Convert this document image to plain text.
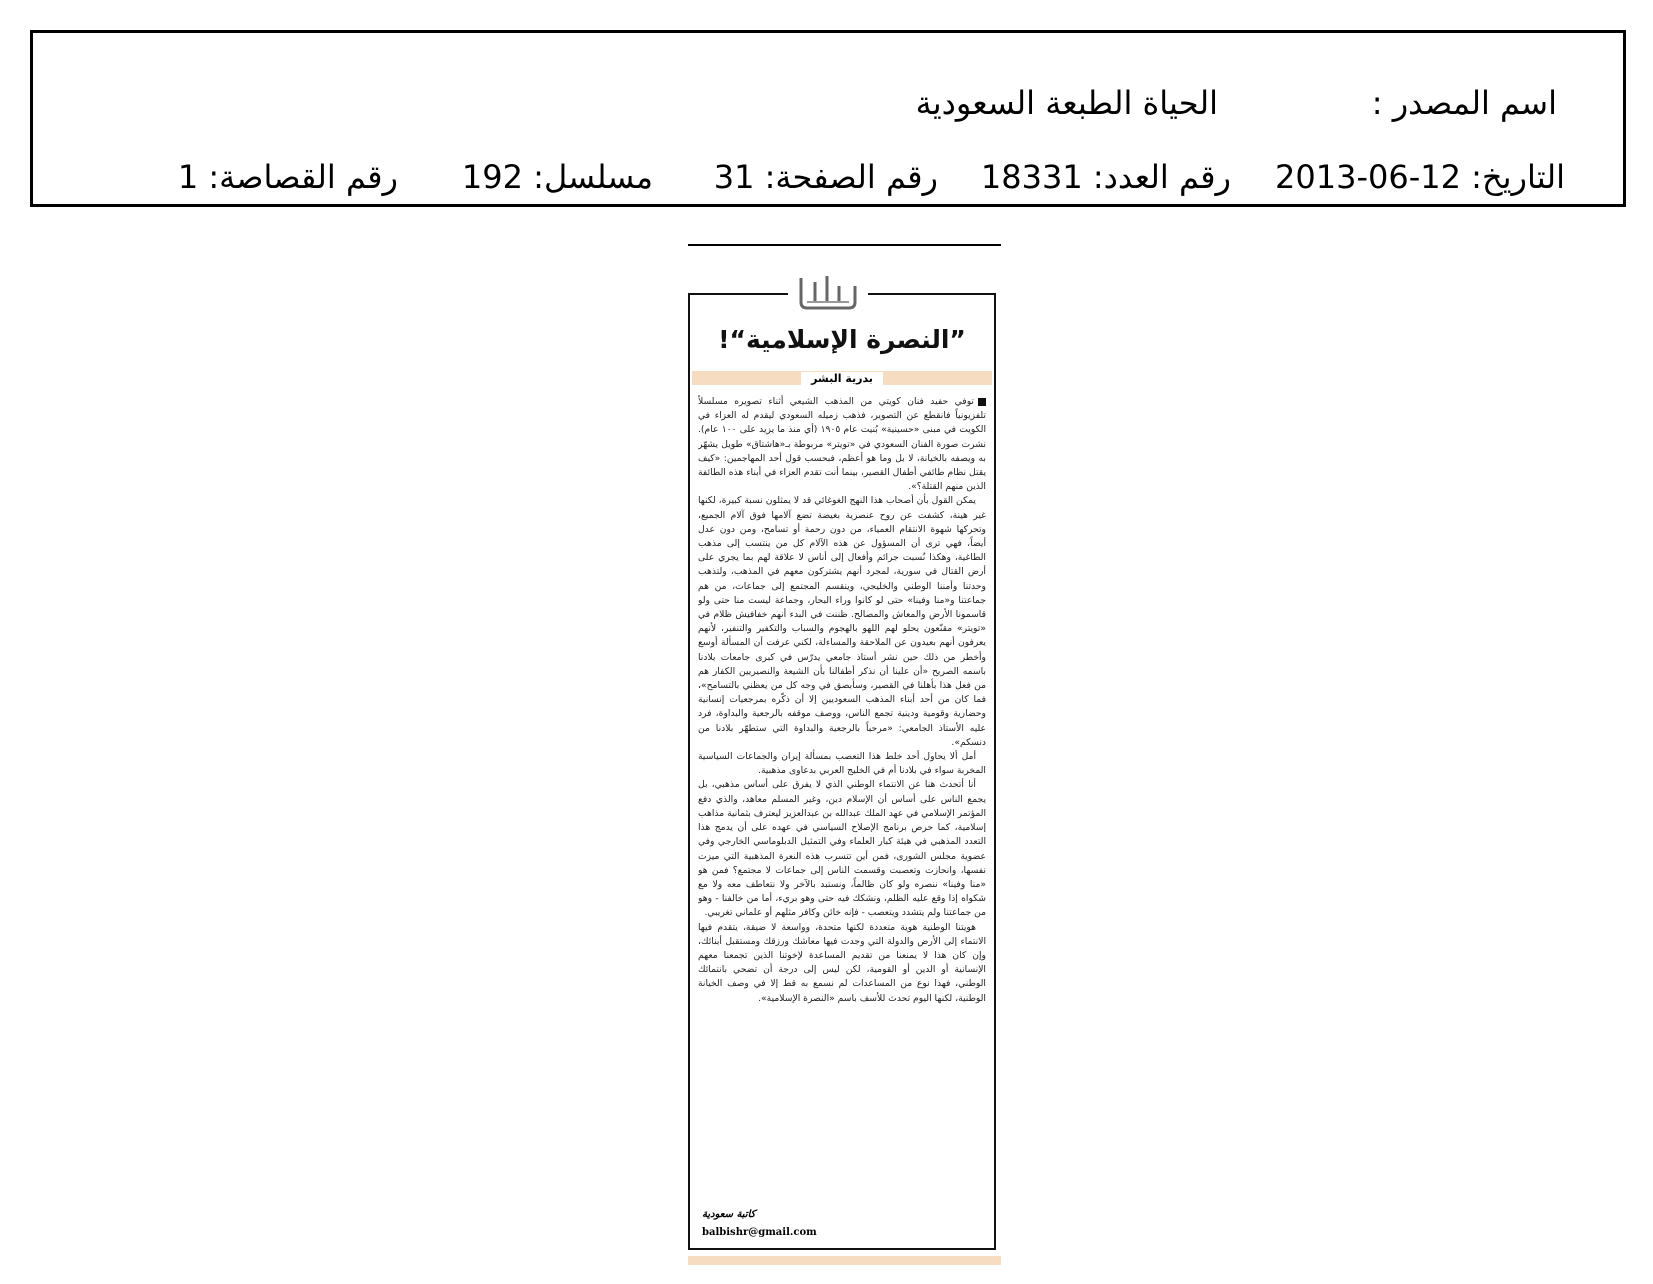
اسم المصدر :
الحياة الطبعة السعودية
التاريخ: 12-06-2013
رقم العدد: 18331
رقم الصفحة: 31
مسلسل: 192
رقم القصاصة: 1
”النصرة الإسلامية“!
بدرية البشر

توفي حفيد فنان كويتي من المذهب الشيعي أثناء تصويره مسلسلاً تلفزيونياً فانقطع عن التصوير، فذهب زميله السعودي ليقدم له العزاء في الكويت في مبنى «حسينية» بُنيت عام ١٩٠٥ (أي منذ ما يزيد على ١٠٠ عام). نشرت صورة الفنان السعودي في «تويتر» مربوطة بـ«هاشتاق» طويل يشهّر به ويصفه بالخيانة، لا بل وما هو أعظم، فبحسب قول أحد المهاجمين: «كيف يقتل نظام طائفي أطفال القصير، بينما أنت تقدم العزاء في أبناء هذه الطائفة الذين منهم القتلة؟».

يمكن القول بأن أصحاب هذا النهج الغوغائي قد لا يمثلون نسبة كبيرة، لكنها غير هينة، كشفت عن روح عنصرية بغيضة تضع آلامها فوق آلام الجميع، وتحركها شهوة الانتقام العمياء، من دون رحمة أو تسامح، ومن دون عدل أيضاً، فهي ترى أن المسؤول عن هذه الآلام كل من ينتسب إلى مذهب الطاغية، وهكذا نُسبت جرائم وأفعال إلى أناس لا علاقة لهم بما يجري على أرض القتال في سورية، لمجرد أنهم يشتركون معهم في المذهب، ولتذهب وحدتنا وأمننا الوطني والخليجي، وينقسم المجتمع إلى جماعات، من هم جماعتنا و«منا وفينا» حتى لو كانوا وراء البحار، وجماعة ليست منا حتى ولو قاسمونا الأرض والمعاش والمصالح. ظننت في البدء أنهم خفافيش ظلام في «تويتر» مقنّعون يحلو لهم اللهو بالهجوم والسباب والتكفير والتنفير، لأنهم يعرفون أنهم بعيدون عن الملاحقة والمساءلة، لكني عرفت أن المسألة أوسع وأخطر من ذلك حين نشر أستاذ جامعي يدرّس في كبرى جامعات بلادنا باسمه الصريح «أن علينا أن نذكر أطفالنا بأن الشيعة والنصيريين الكفار هم من فعل هذا بأهلنا في القصير، وسأبصق في وجه كل من يعظني بالتسامح»، فما كان من أحد أبناء المذهب السعوديين إلا أن ذكّره بمرجعيات إنسانية وحضارية وقومية ودينية تجمع الناس، ووصف موقفه بالرجعية والبداوة، فرد عليه الأستاذ الجامعي: «مرحباً بالرجعية والبداوة التي ستطهّر بلادنا من دنسكم».

أمل ألا يحاول أحد خلط هذا التعصب بمسألة إيران والجماعات السياسية المخربة سواء في بلادنا أم في الخليج العربي بدعاوى مذهبية.

أنا أتحدث هنا عن الانتماء الوطني الذي لا يفرق على أساس مذهبي، بل يجمع الناس على أساس أن الإسلام دين، وغير المسلم معاهد، والذي دفع المؤتمر الإسلامي في عهد الملك عبدالله بن عبدالعزيز ليعترف بثمانية مذاهب إسلامية، كما حرص برنامج الإصلاح السياسي في عهده على أن يدمج هذا التعدد المذهبي في هيئة كبار العلماء وفي التمثيل الدبلوماسي الخارجي وفي عضوية مجلس الشورى، فمن أين تتسرب هذه النعرة المذهبية التي ميزت نفسها، وانحازت وتعصبت وقسمت الناس إلى جماعات لا مجتمع؟ فمن هو «منا وفينا» ننصره ولو كان ظالماً، ونستبد بالآخر ولا نتعاطف معه ولا مع شكواه إذا وقع عليه الظلم، ونشكك فيه حتى وهو بريء، أما من خالفنا - وهو من جماعتنا ولم يتشدد ويتعصب - فإنه خائن وكافر مثلهم أو علماني تغريبي.

هويتنا الوطنية هوية متعددة لكنها متحدة، وواسعة لا ضيقة، يتقدم فيها الانتماء إلى الأرض والدولة التي وجدت فيها معاشك ورزقك ومستقبل أبنائك، وإن كان هذا لا يمنعنا من تقديم المساعدة لإخوتنا الذين تجمعنا معهم الإنسانية أو الدين أو القومية، لكن ليس إلى درجة أن تضحي بانتمائك الوطني، فهذا نوع من المساعدات لم نسمع به قط إلا في وصف الخيانة الوطنية، لكنها اليوم تحدث للأسف باسم «النصرة الإسلامية».

كاتبة سعودية
balbishr@gmail.com
